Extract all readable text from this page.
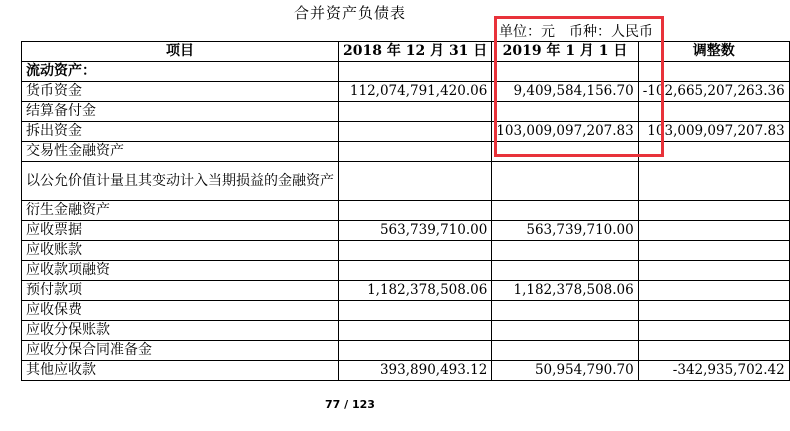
合并资产负债表
单位：元 币种：人民币
项目	2018 年 12 月 31 日	2019 年 1 月 1 日	调整数
流动资产：			
货币资金	112,074,791,420.06	9,409,584,156.70	-102,665,207,263.36
结算备付金			
拆出资金		103,009,097,207.83	103,009,097,207.83
交易性金融资产			
以公允价值计量且其变动计入当期损益的金融资产			
衍生金融资产			
应收票据	563,739,710.00	563,739,710.00	
应收账款			
应收款项融资			
预付款项	1,182,378,508.06	1,182,378,508.06	
应收保费			
应收分保账款			
应收分保合同准备金			
其他应收款	393,890,493.12	50,954,790.70	-342,935,702.42
77 / 123
